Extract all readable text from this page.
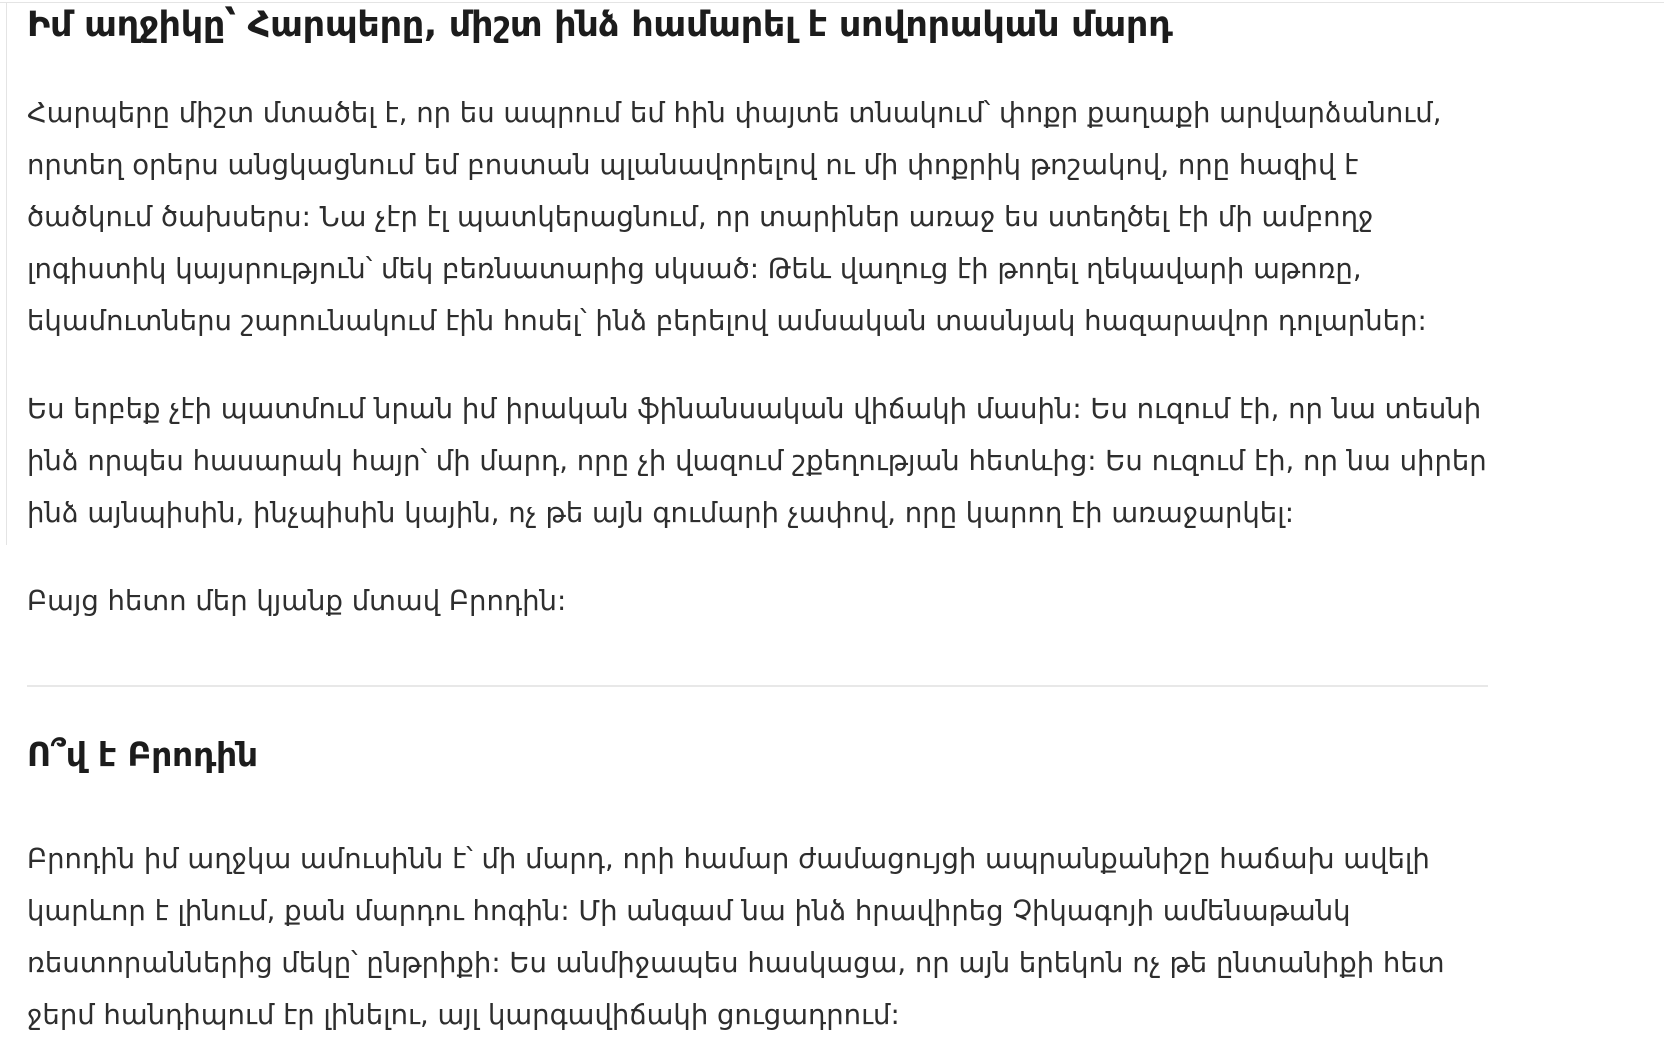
Իմ աղջիկը՝ Հարպերը, միշտ ինձ համարել է սովորական մարդ

Հարպերը միշտ մտածել է, որ ես ապրում եմ հին փայտե տնակում՝ փոքր քաղաքի արվարձանում, որտեղ օրերս անցկացնում եմ բոստան պլանավորելով ու մի փոքրիկ թոշակով, որը հազիվ է ծածկում ծախսերս: Նա չէր էլ պատկերացնում, որ տարիներ առաջ ես ստեղծել էի մի ամբողջ լոգիստիկ կայսրություն՝ մեկ բեռնատարից սկսած: Թեև վաղուց էի թողել ղեկավարի աթոռը, եկամուտներս շարունակում էին հոսել՝ ինձ բերելով ամսական տասնյակ հազարավոր դոլարներ:

Ես երբեք չէի պատմում նրան իմ իրական ֆինանսական վիճակի մասին: Ես ուզում էի, որ նա տեսնի ինձ որպես հասարակ հայր՝ մի մարդ, որը չի վազում շքեղության հետևից: Ես ուզում էի, որ նա սիրեր ինձ այնպիսին, ինչպիսին կային, ոչ թե այն գումարի չափով, որը կարող էի առաջարկել:

Բայց հետո մեր կյանք մտավ Բրոդին:

Ո՞վ է Բրոդին

Բրոդին իմ աղջկա ամուսինն է՝ մի մարդ, որի համար ժամացույցի ապրանքանիշը հաճախ ավելի կարևոր է լինում, քան մարդու հոգին: Մի անգամ նա ինձ հրավիրեց Չիկագոյի ամենաթանկ ռեստորաններից մեկը՝ ընթրիքի: Ես անմիջապես հասկացա, որ այն երեկոն ոչ թե ընտանիքի հետ ջերմ հանդիպում էր լինելու, այլ կարգավիճակի ցուցադրում:
